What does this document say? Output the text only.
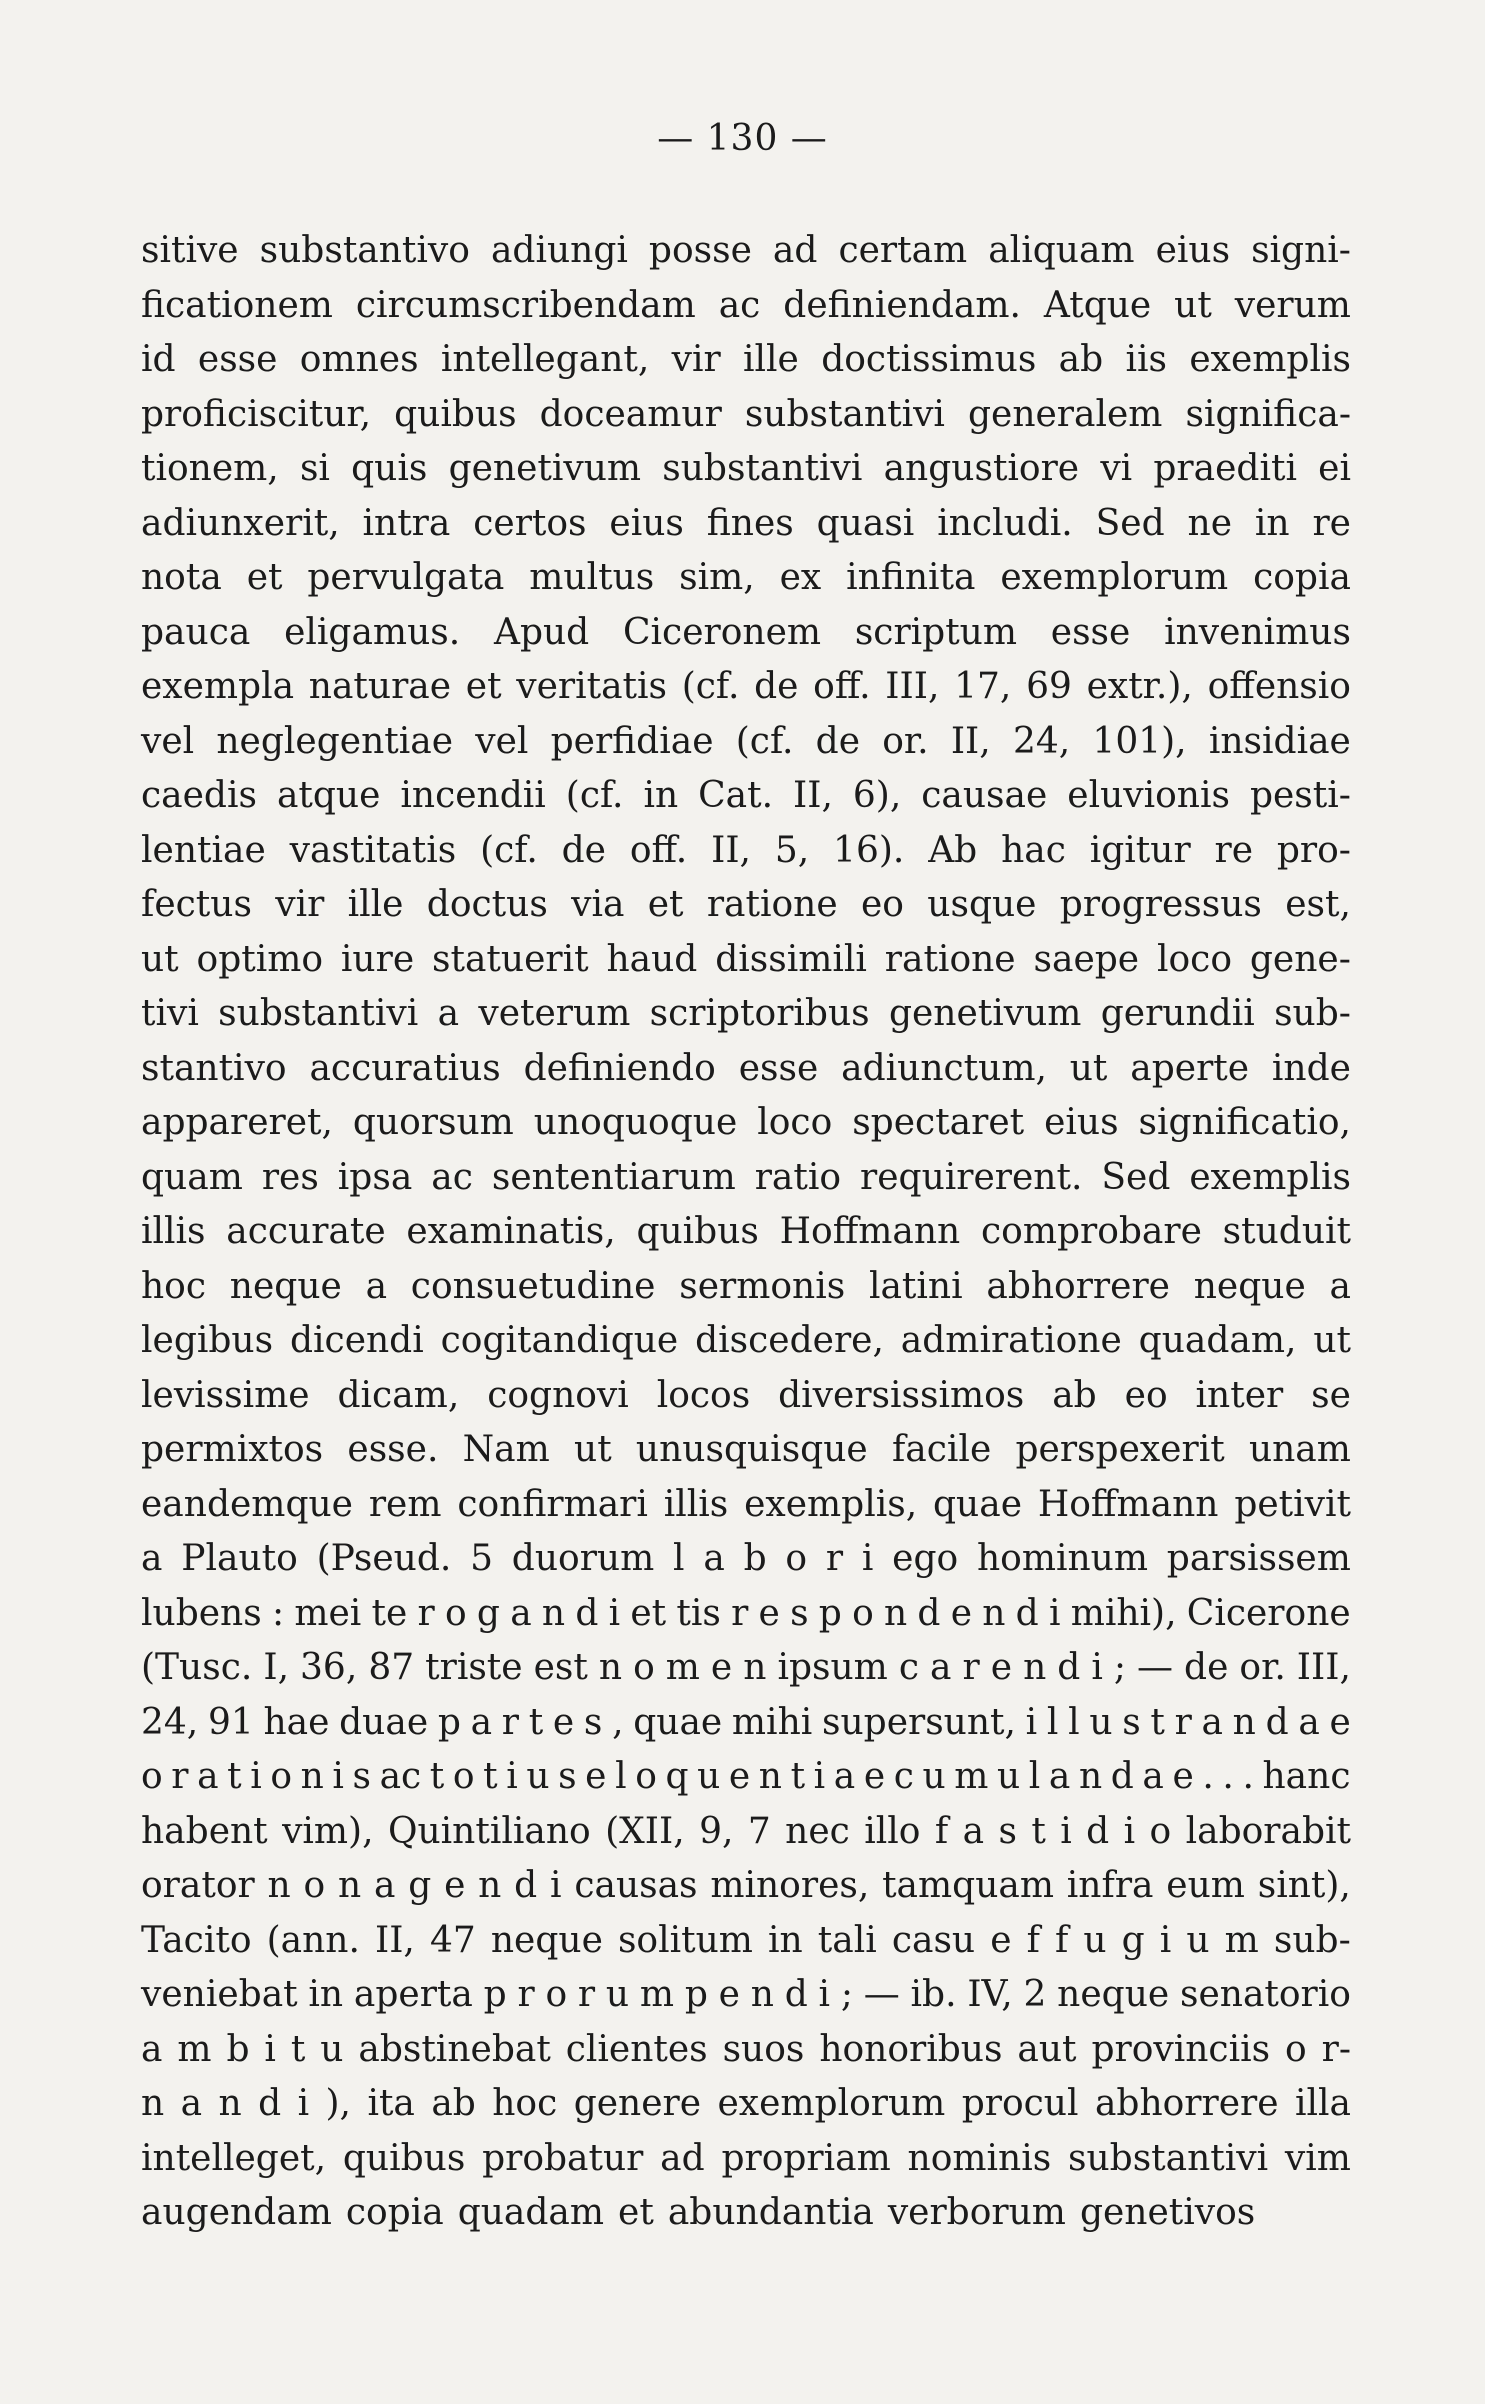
— 130 —
sitive substantivo adiungi posse ad certam aliquam eius signi-
ficationem circumscribendam ac definiendam. Atque ut verum
id esse omnes intellegant, vir ille doctissimus ab iis exemplis
proficiscitur, quibus doceamur substantivi generalem significa-
tionem, si quis genetivum substantivi angustiore vi praediti ei
adiunxerit, intra certos eius fines quasi includi. Sed ne in re
nota et pervulgata multus sim, ex infinita exemplorum copia
pauca eligamus. Apud Ciceronem scriptum esse invenimus
exempla naturae et veritatis (cf. de off. III, 17, 69 extr.), offensio
vel neglegentiae vel perfidiae (cf. de or. II, 24, 101), insidiae
caedis atque incendii (cf. in Cat. II, 6), causae eluvionis pesti-
lentiae vastitatis (cf. de off. II, 5, 16). Ab hac igitur re pro-
fectus vir ille doctus via et ratione eo usque progressus est,
ut optimo iure statuerit haud dissimili ratione saepe loco gene-
tivi substantivi a veterum scriptoribus genetivum gerundii sub-
stantivo accuratius definiendo esse adiunctum, ut aperte inde
appareret, quorsum unoquoque loco spectaret eius significatio,
quam res ipsa ac sententiarum ratio requirerent. Sed exemplis
illis accurate examinatis, quibus Hoffmann comprobare studuit
hoc neque a consuetudine sermonis latini abhorrere neque a
legibus dicendi cogitandique discedere, admiratione quadam, ut
levissime dicam, cognovi locos diversissimos ab eo inter se
permixtos esse. Nam ut unusquisque facile perspexerit unam
eandemque rem confirmari illis exemplis, quae Hoffmann petivit
a Plauto (Pseud. 5 duorum l a b o r i ego hominum parsissem
lubens : mei te r o g a n d i et tis r e s p o n d e n d i mihi), Cicerone
(Tusc. I, 36, 87 triste est n o m e n ipsum c a r e n d i ; — de or. III,
24, 91 hae duae p a r t e s , quae mihi supersunt, i l l u s t r a n d a e
o r a t i o n i s ac t o t i u s e l o q u e n t i a e c u m u l a n d a e . . . hanc
habent vim), Quintiliano (XII, 9, 7 nec illo f a s t i d i o laborabit
orator n o n a g e n d i causas minores, tamquam infra eum sint),
Tacito (ann. II, 47 neque solitum in tali casu e f f u g i u m sub-
veniebat in aperta p r o r u m p e n d i ; — ib. IV, 2 neque senatorio
a m b i t u abstinebat clientes suos honoribus aut provinciis o r-
n a n d i ), ita ab hoc genere exemplorum procul abhorrere illa
intelleget, quibus probatur ad propriam nominis substantivi vim
augendam copia quadam et abundantia verborum genetivos
